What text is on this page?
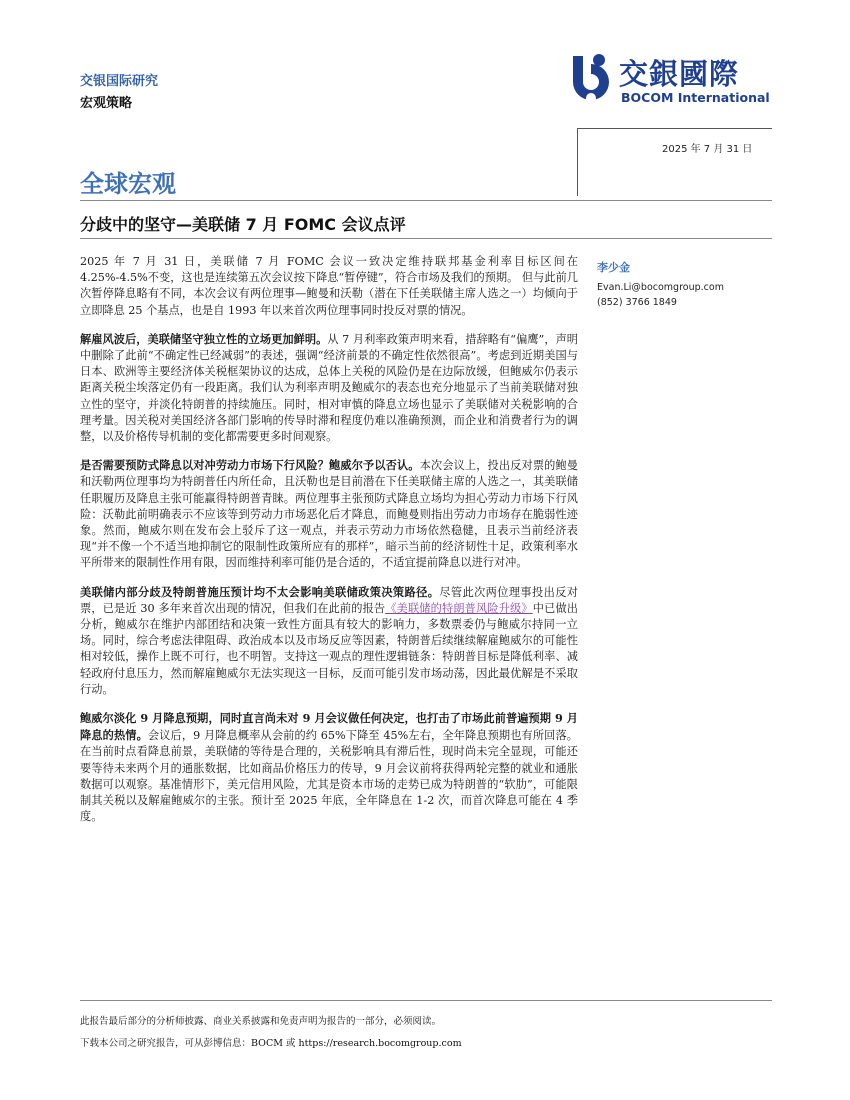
交银国际研究
宏观策略
交銀國際
BOCOM International
2025 年 7 月 31 日
全球宏观
分歧中的坚守—美联储 7 月 FOMC 会议点评
李少金
Evan.Li@bocomgroup.com
(852) 3766 1849

2025 年 7 月 31 日，美联储 7 月 FOMC 会议一致决定维持联邦基金利率目标区间在 4.25%-4.5%不变，这也是连续第五次会议按下降息“暂停键”，符合市场及我们的预期。 但与此前几次暂停降息略有不同，本次会议有两位理事—鲍曼和沃勒（潜在下任美联储主席人选之一）均倾向于立即降息 25 个基点，也是自 1993 年以来首次两位理事同时投反对票的情况。

解雇风波后，美联储坚守独立性的立场更加鲜明。从 7 月利率政策声明来看，措辞略有“偏鹰”，声明中删除了此前“不确定性已经减弱”的表述，强调“经济前景的不确定性依然很高”。考虑到近期美国与日本、欧洲等主要经济体关税框架协议的达成，总体上关税的风险仍是在边际放缓，但鲍威尔仍表示距离关税尘埃落定仍有一段距离。我们认为利率声明及鲍威尔的表态也充分地显示了当前美联储对独立性的坚守，并淡化特朗普的持续施压。同时，相对审慎的降息立场也显示了美联储对关税影响的合理考量。因关税对美国经济各部门影响的传导时滞和程度仍难以准确预测，而企业和消费者行为的调整，以及价格传导机制的变化都需要更多时间观察。

是否需要预防式降息以对冲劳动力市场下行风险？鲍威尔予以否认。本次会议上，投出反对票的鲍曼和沃勒两位理事均为特朗普任内所任命，且沃勒也是目前潜在下任美联储主席的人选之一，其美联储任职履历及降息主张可能赢得特朗普青睐。两位理事主张预防式降息立场均为担心劳动力市场下行风险：沃勒此前明确表示不应该等到劳动力市场恶化后才降息，而鲍曼则指出劳动力市场存在脆弱性迹象。然而，鲍威尔则在发布会上驳斥了这一观点，并表示劳动力市场依然稳健，且表示当前经济表现“并不像一个不适当地抑制它的限制性政策所应有的那样”，暗示当前的经济韧性十足，政策利率水平所带来的限制性作用有限，因而维持利率可能仍是合适的，不适宜提前降息以进行对冲。

美联储内部分歧及特朗普施压预计均不太会影响美联储政策决策路径。尽管此次两位理事投出反对票，已是近 30 多年来首次出现的情况，但我们在此前的报告《美联储的特朗普风险升级》中已做出分析，鲍威尔在维护内部团结和决策一致性方面具有较大的影响力，多数票委仍与鲍威尔持同一立场。同时，综合考虑法律阻碍、政治成本以及市场反应等因素，特朗普后续继续解雇鲍威尔的可能性相对较低，操作上既不可行，也不明智。支持这一观点的理性逻辑链条：特朗普目标是降低利率、减轻政府付息压力，然而解雇鲍威尔无法实现这一目标，反而可能引发市场动荡，因此最优解是不采取行动。

鲍威尔淡化 9 月降息预期，同时直言尚未对 9 月会议做任何决定，也打击了市场此前普遍预期 9 月降息的热情。会议后，9 月降息概率从会前的约 65%下降至 45%左右，全年降息预期也有所回落。在当前时点看降息前景，美联储的等待是合理的，关税影响具有滞后性，现时尚未完全显现，可能还要等待未来两个月的通胀数据，比如商品价格压力的传导，9 月会议前将获得两轮完整的就业和通胀数据可以观察。基准情形下，美元信用风险，尤其是资本市场的走势已成为特朗普的“软肋”，可能限制其关税以及解雇鲍威尔的主张。预计至 2025 年底，全年降息在 1-2 次，而首次降息可能在 4 季度。

此报告最后部分的分析师披露、商业关系披露和免责声明为报告的一部分，必须阅读。
下载本公司之研究报告，可从彭博信息：BOCM 或 https://research.bocomgroup.com
